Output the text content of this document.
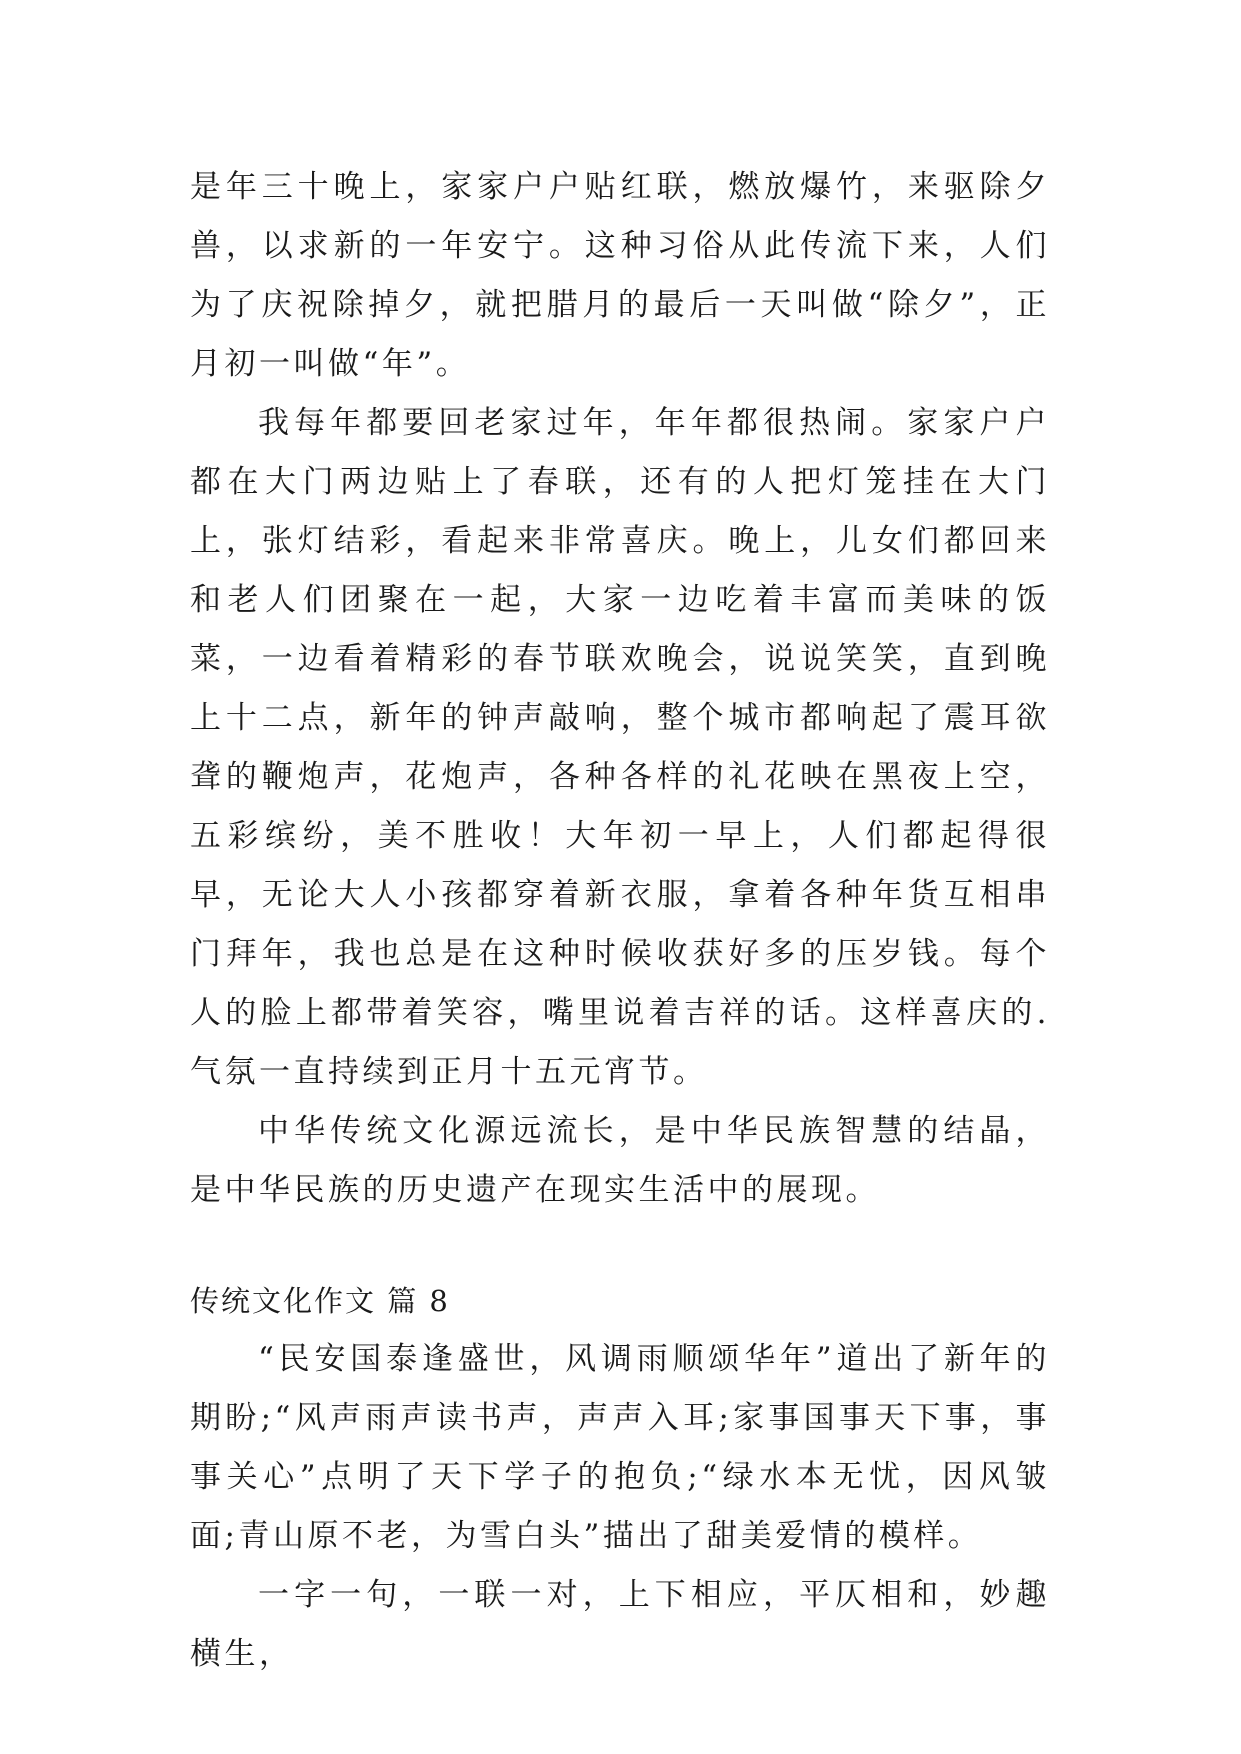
是年三十晚上，家家户户贴红联，燃放爆竹，来驱除夕兽，以求新的一年安宁。这种习俗从此传流下来，人们为了庆祝除掉夕，就把腊月的最后一天叫做“除夕”，正月初一叫做“年”。

我每年都要回老家过年，年年都很热闹。家家户户都在大门两边贴上了春联，还有的人把灯笼挂在大门上，张灯结彩，看起来非常喜庆。晚上，儿女们都回来和老人们团聚在一起，大家一边吃着丰富而美味的饭菜，一边看着精彩的春节联欢晚会，说说笑笑，直到晚上十二点，新年的钟声敲响，整个城市都响起了震耳欲聋的鞭炮声，花炮声，各种各样的礼花映在黑夜上空，五彩缤纷，美不胜收！大年初一早上，人们都起得很早，无论大人小孩都穿着新衣服，拿着各种年货互相串门拜年，我也总是在这种时候收获好多的压岁钱。每个人的脸上都带着笑容，嘴里说着吉祥的话。这样喜庆的.气氛一直持续到正月十五元宵节。

中华传统文化源远流长，是中华民族智慧的结晶，是中华民族的历史遗产在现实生活中的展现。

传统文化作文 篇 8

“民安国泰逢盛世，风调雨顺颂华年”道出了新年的期盼;“风声雨声读书声，声声入耳;家事国事天下事，事事关心”点明了天下学子的抱负;“绿水本无忧，因风皱面;青山原不老，为雪白头”描出了甜美爱情的模样。

一字一句，一联一对，上下相应，平仄相和，妙趣横生，
